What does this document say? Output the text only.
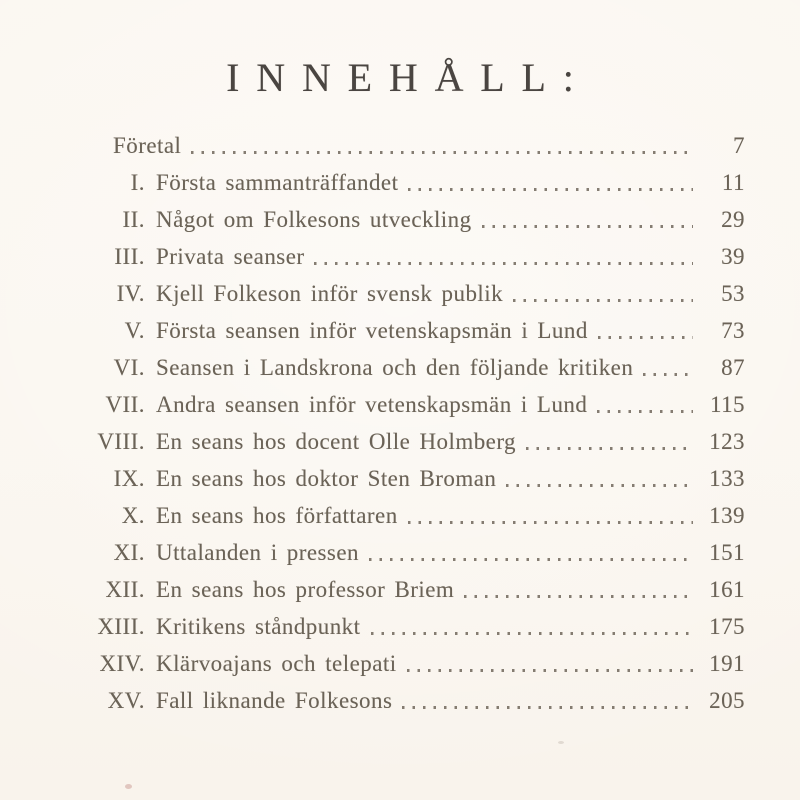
INNEHÅLL:
Företal	7
I. Första sammanträffandet	11
II. Något om Folkesons utveckling	29
III. Privata seanser	39
IV. Kjell Folkeson inför svensk publik	53
V. Första seansen inför vetenskapsmän i Lund	73
VI. Seansen i Landskrona och den följande kritiken	87
VII. Andra seansen inför vetenskapsmän i Lund	115
VIII. En seans hos docent Olle Holmberg	123
IX. En seans hos doktor Sten Broman	133
X. En seans hos författaren	139
XI. Uttalanden i pressen	151
XII. En seans hos professor Briem	161
XIII. Kritikens ståndpunkt	175
XIV. Klärvoajans och telepati	191
XV. Fall liknande Folkesons	205
